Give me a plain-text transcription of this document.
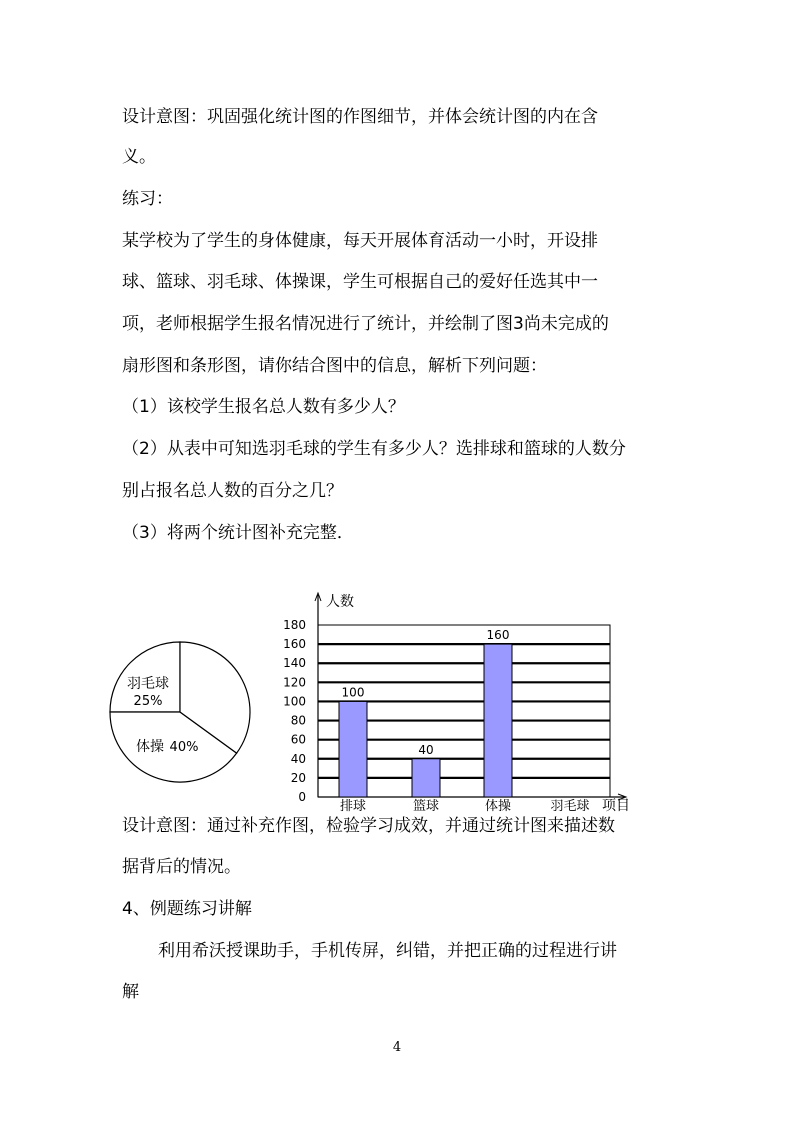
设计意图：巩固强化统计图的作图细节，并体会统计图的内在含
义。
练习：
某学校为了学生的身体健康，每天开展体育活动一小时，开设排
球、篮球、羽毛球、体操课，学生可根据自己的爱好任选其中一
项，老师根据学生报名情况进行了统计，并绘制了图3尚未完成的
扇形图和条形图，请你结合图中的信息，解析下列问题：
（1）该校学生报名总人数有多少人？
（2）从表中可知选羽毛球的学生有多少人？选排球和篮球的人数分
别占报名总人数的百分之几？
（3）将两个统计图补充完整．
羽毛球
25%
体操 40%
0
20
40
60
80
100
120
140
160
180
100
40
160
排球	篮球	体操	羽毛球
人数
项目
设计意图：通过补充作图，检验学习成效，并通过统计图来描述数
据背后的情况。
4、例题练习讲解
利用希沃授课助手，手机传屏，纠错，并把正确的过程进行讲
解
4
